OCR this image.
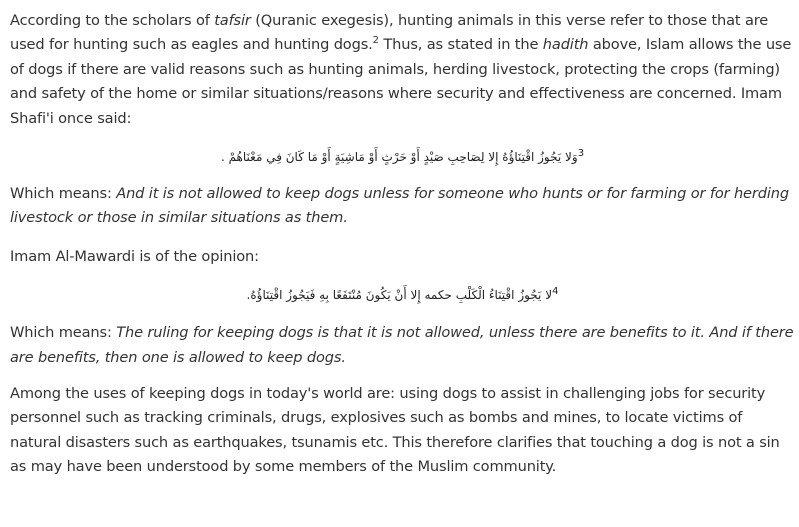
According to the scholars of tafsir (Quranic exegesis), hunting animals in this verse refer to those that are used for hunting such as eagles and hunting dogs.$^2$ Thus, as stated in the hadith above, Islam allows the use of dogs if there are valid reasons such as hunting animals, herding livestock, protecting the crops (farming) and safety of the home or similar situations/reasons where security and effectiveness are concerned. Imam Shafi'i once said:

$^3$وَلا يَجُوزُ اقْتِنَاؤُهُ إِلا لِصَاحِبِ صَيْدٍ أَوْ حَرْثٍ أَوْ مَاشِيَةٍ أَوْ مَا كَانَ فِي مَعْنَاهُمْ .

Which means: And it is not allowed to keep dogs unless for someone who hunts or for farming or for herding livestock or those in similar situations as them.

Imam Al-Mawardi is of the opinion:

$^4$لا يَجُوزُ اقْتِنَاءُ الْكَلْبِ حكمه إِلا أَنْ يَكُونَ مُنْتَفَعًا بِهِ فَيَجُوزُ اقْتِنَاؤُهُ.

Which means: The ruling for keeping dogs is that it is not allowed, unless there are benefits to it. And if there are benefits, then one is allowed to keep dogs.

Among the uses of keeping dogs in today's world are: using dogs to assist in challenging jobs for security personnel such as tracking criminals, drugs, explosives such as bombs and mines, to locate victims of natural disasters such as earthquakes, tsunamis etc. This therefore clarifies that touching a dog is not a sin as may have been understood by some members of the Muslim community.
